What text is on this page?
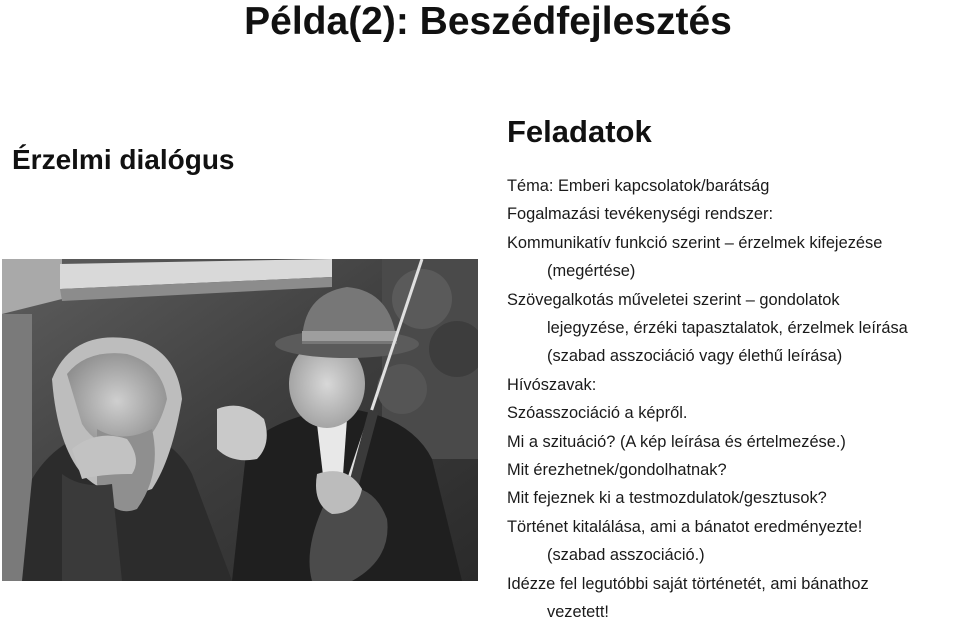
Példa(2): Beszédfejlesztés
Érzelmi dialógus
Feladatok
Téma: Emberi kapcsolatok/barátság
Fogalmazási tevékenységi rendszer:
Kommunikatív funkció szerint – érzelmek kifejezése
(megértése)
Szövegalkotás műveletei szerint – gondolatok
lejegyzése, érzéki tapasztalatok, érzelmek leírása
(szabad asszociáció vagy élethű leírása)
Hívószavak:
Szóasszociáció a képről.
Mi a szituáció? (A kép leírása és értelmezése.)
Mit érezhetnek/gondolhatnak?
Mit fejeznek ki a testmozdulatok/gesztusok?
Történet kitalálása, ami a bánatot eredményezte!
(szabad asszociáció.)
Idézze fel legutóbbi saját történetét, ami bánathoz
vezetett!
